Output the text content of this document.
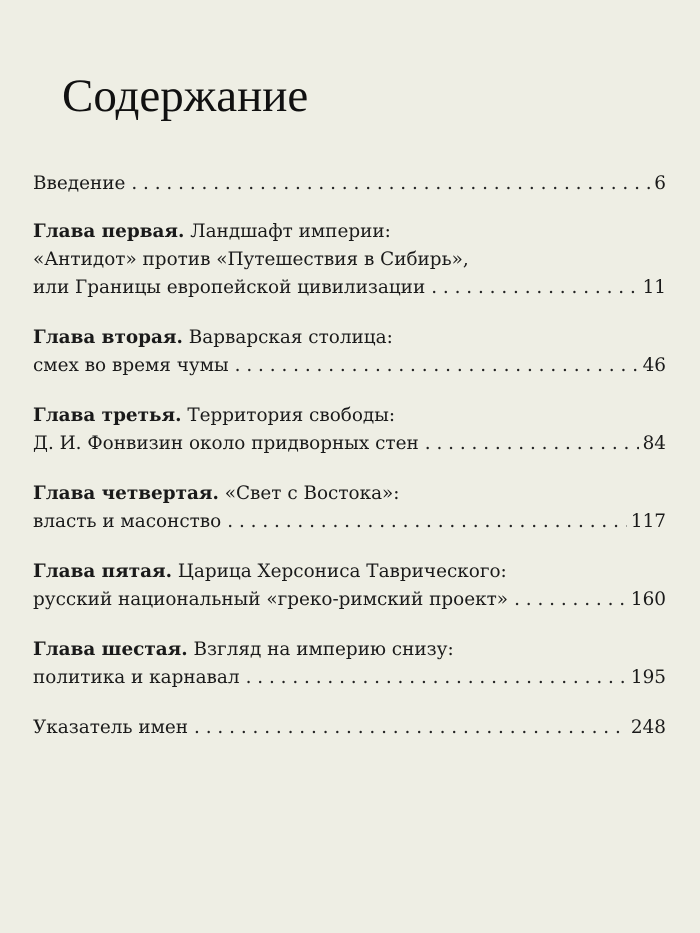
Содержание
Введение . . .	6
Глава первая. Ландшафт империи:
«Антидот» против «Путешествия в Сибирь»,
или Границы европейской цивилизации . . .	11
Глава вторая. Варварская столица:
смех во время чумы . . .	46
Глава третья. Территория свободы:
Д. И. Фонвизин около придворных стен . . .	84
Глава четвертая. «Свет с Востока»:
власть и масонство . . .	117
Глава пятая. Царица Херсониса Таврического:
русский национальный «греко-римский проект» . . .	160
Глава шестая. Взгляд на империю снизу:
политика и карнавал . . .	195
Указатель имен . . .	248
